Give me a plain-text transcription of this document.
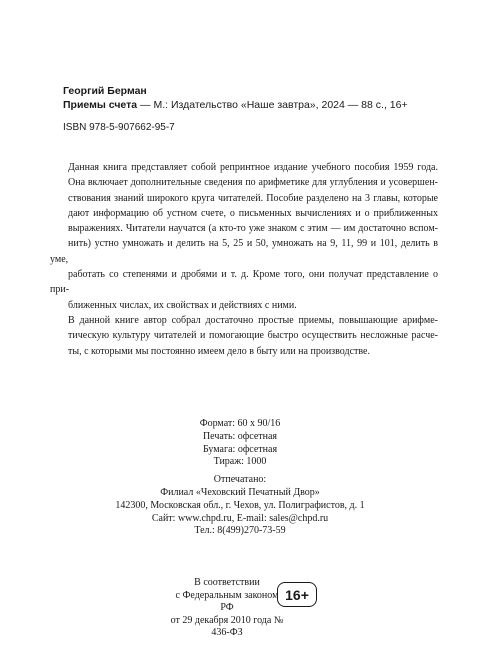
Георгий Берман
Приемы счета — М.: Издательство «Наше завтра», 2024 — 88 с., 16+
ISBN 978-5-907662-95-7

Данная книга представляет собой репринтное издание учебного пособия 1959 года.
Она включает дополнительные сведения по арифметике для углубления и усовершен-
ствования знаний широкого круга читателей. Пособие разделено на 3 главы, которые
дают информацию об устном счете, о письменных вычислениях и о приближенных
выражениях. Читатели научатся (а кто-то уже знаком с этим — им достаточно вспом-
нить) устно умножать и делить на 5, 25 и 50, умножать на 9, 11, 99 и 101, делить в уме,
работать со степенями и дробями и т. д. Кроме того, они получат представление о при-
ближенных числах, их свойствах и действиях с ними.

В данной книге автор собрал достаточно простые приемы, повышающие арифме-
тическую культуру читателей и помогающие быстро осуществить несложные расче-
ты, с которыми мы постоянно имеем дело в быту или на производстве.

Формат: 60 x 90/16
Печать: офсетная
Бумага: офсетная
Тираж: 1000
Отпечатано:
Филиал «Чеховский Печатный Двор»
142300, Московская обл., г. Чехов, ул. Полиграфистов, д. 1
Сайт: www.chpd.ru, E-mail: sales@chpd.ru
Тел.: 8(499)270-73-59
В соответствии
с Федеральным законом РФ
от 29 декабря 2010 года № 436-ФЗ
16+
